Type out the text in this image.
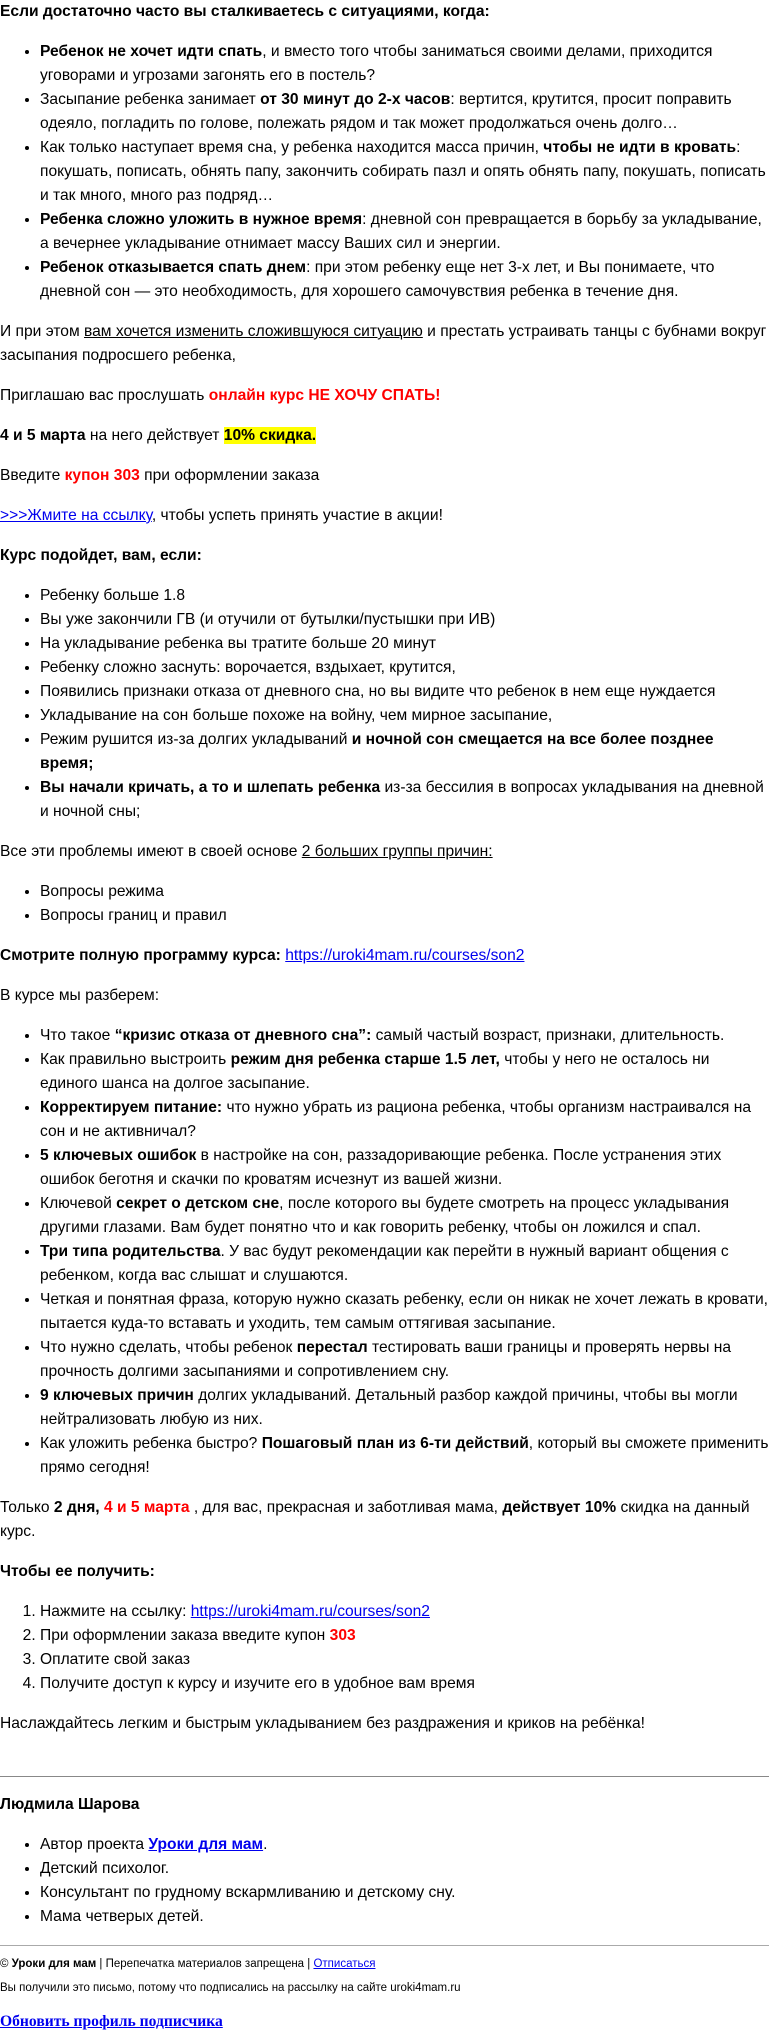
Если достаточно часто вы сталкиваетесь с ситуациями, когда:

• Ребенок не хочет идти спать, и вместо того чтобы заниматься своими делами, приходится уговорами и угрозами загонять его в постель?
• Засыпание ребенка занимает от 30 минут до 2-х часов: вертится, крутится, просит поправить одеяло, погладить по голове, полежать рядом и так может продолжаться очень долго…
• Как только наступает время сна, у ребенка находится масса причин, чтобы не идти в кровать: покушать, пописать, обнять папу, закончить собирать пазл и опять обнять папу, покушать, пописать и так много, много раз подряд…
• Ребенка сложно уложить в нужное время: дневной сон превращается в борьбу за укладывание, а вечернее укладывание отнимает массу Ваших сил и энергии.
• Ребенок отказывается спать днем: при этом ребенку еще нет 3-х лет, и Вы понимаете, что дневной сон — это необходимость, для хорошего самочувствия ребенка в течение дня.

И при этом вам хочется изменить сложившуюся ситуацию и престать устраивать танцы с бубнами вокруг засыпания подросшего ребенка,

Приглашаю вас прослушать онлайн курс НЕ ХОЧУ СПАТЬ!

4 и 5 марта на него действует 10% скидка.

Введите купон 303 при оформлении заказа

>>>Жмите на ссылку, чтобы успеть принять участие в акции!

Курс подойдет, вам, если:

• Ребенку больше 1.8
• Вы уже закончили ГВ (и отучили от бутылки/пустышки при ИВ)
• На укладывание ребенка вы тратите больше 20 минут
• Ребенку сложно заснуть: ворочается, вздыхает, крутится,
• Появились признаки отказа от дневного сна, но вы видите что ребенок в нем еще нуждается
• Укладывание на сон больше похоже на войну, чем мирное засыпание,
• Режим рушится из-за долгих укладываний и ночной сон смещается на все более позднее время;
• Вы начали кричать, а то и шлепать ребенка из-за бессилия в вопросах укладывания на дневной и ночной сны;

Все эти проблемы имеют в своей основе 2 больших группы причин:

• Вопросы режима
• Вопросы границ и правил

Смотрите полную программу курса: https://uroki4mam.ru/courses/son2

В курсе мы разберем:

• Что такое “кризис отказа от дневного сна”: самый частый возраст, признаки, длительность.
• Как правильно выстроить режим дня ребенка старше 1.5 лет, чтобы у него не осталось ни единого шанса на долгое засыпание.
• Корректируем питание: что нужно убрать из рациона ребенка, чтобы организм настраивался на сон и не активничал?
• 5 ключевых ошибок в настройке на сон, раззадоривающие ребенка. После устранения этих ошибок беготня и скачки по кроватям исчезнут из вашей жизни.
• Ключевой секрет о детском сне, после которого вы будете смотреть на процесс укладывания другими глазами. Вам будет понятно что и как говорить ребенку, чтобы он ложился и спал.
• Три типа родительства. У вас будут рекомендации как перейти в нужный вариант общения с ребенком, когда вас слышат и слушаются.
• Четкая и понятная фраза, которую нужно сказать ребенку, если он никак не хочет лежать в кровати, пытается куда-то вставать и уходить, тем самым оттягивая засыпание.
• Что нужно сделать, чтобы ребенок перестал тестировать ваши границы и проверять нервы на прочность долгими засыпаниями и сопротивлением сну.
• 9 ключевых причин долгих укладываний. Детальный разбор каждой причины, чтобы вы могли нейтрализовать любую из них.
• Как уложить ребенка быстро? Пошаговый план из 6-ти действий, который вы сможете применить прямо сегодня!

Только 2 дня, 4 и 5 марта , для вас, прекрасная и заботливая мама, действует 10% скидка на данный курс.

Чтобы ее получить:

1. Нажмите на ссылку: https://uroki4mam.ru/courses/son2
2. При оформлении заказа введите купон 303
3. Оплатите свой заказ
4. Получите доступ к курсу и изучите его в удобное вам время

Наслаждайтесь легким и быстрым укладыванием без раздражения и криков на ребёнка!

Людмила Шарова

• Автор проекта Уроки для мам.
• Детский психолог.
• Консультант по грудному вскармливанию и детскому сну.
• Мама четверых детей.

© Уроки для мам | Перепечатка материалов запрещена | Отписаться

Вы получили это письмо, потому что подписались на рассылку на сайте uroki4mam.ru

Обновить профиль подписчика
